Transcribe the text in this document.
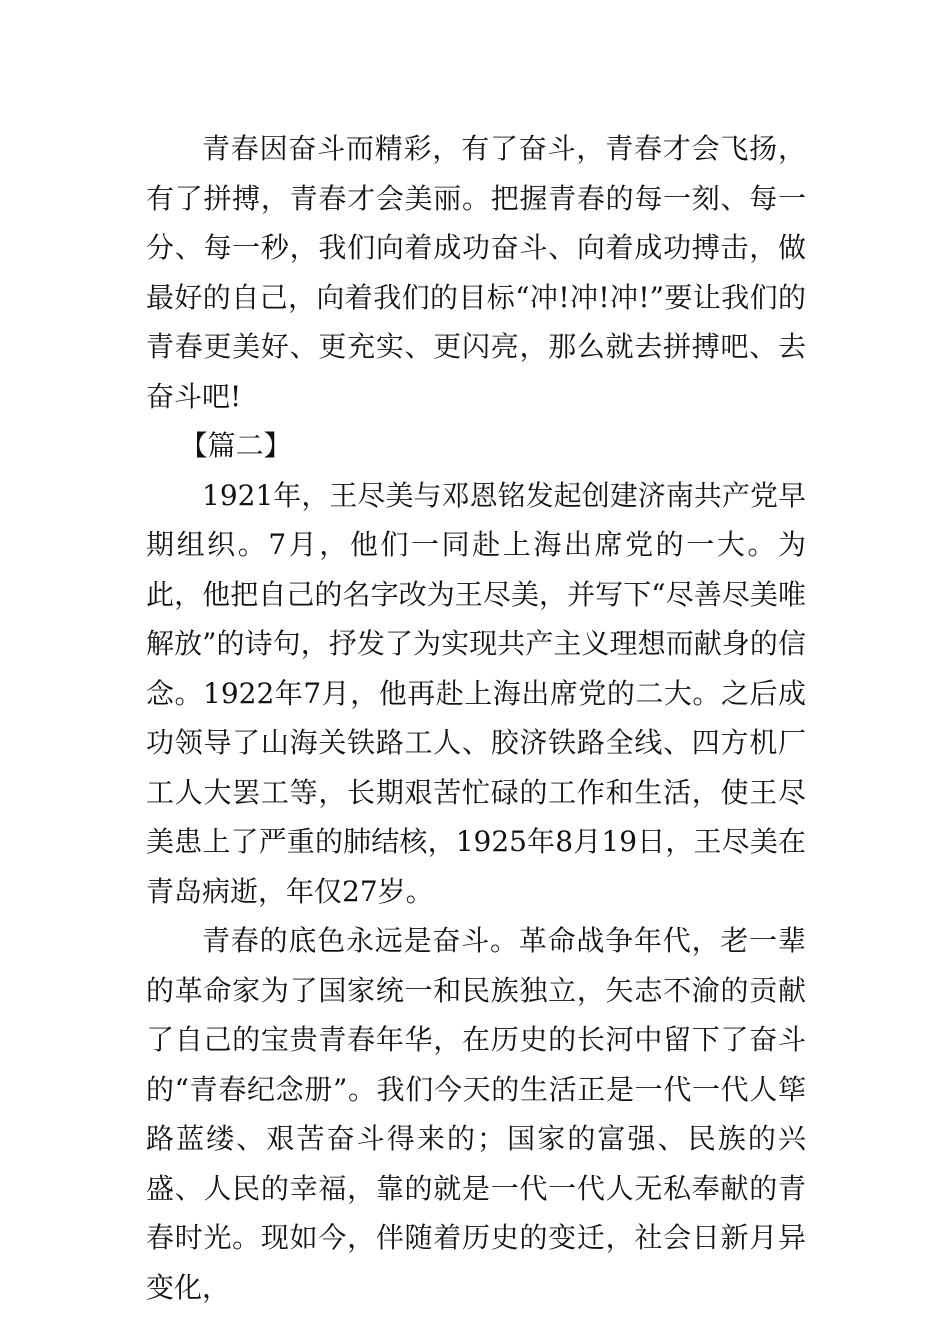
青春因奋斗而精彩，有了奋斗，青春才会飞扬，有了拼搏，青春才会美丽。把握青春的每一刻、每一分、每一秒，我们向着成功奋斗、向着成功搏击，做最好的自己，向着我们的目标“冲!冲!冲!”要让我们的青春更美好、更充实、更闪亮，那么就去拼搏吧、去奋斗吧!

【篇二】

1921年，王尽美与邓恩铭发起创建济南共产党早期组织。7月，他们一同赴上海出席党的一大。为此，他把自己的名字改为王尽美，并写下“尽善尽美唯解放”的诗句，抒发了为实现共产主义理想而献身的信念。1922年7月，他再赴上海出席党的二大。之后成功领导了山海关铁路工人、胶济铁路全线、四方机厂工人大罢工等，长期艰苦忙碌的工作和生活，使王尽美患上了严重的肺结核，1925年8月19日，王尽美在青岛病逝，年仅27岁。

青春的底色永远是奋斗。革命战争年代，老一辈的革命家为了国家统一和民族独立，矢志不渝的贡献了自己的宝贵青春年华，在历史的长河中留下了奋斗的“青春纪念册”。我们今天的生活正是一代一代人筚路蓝缕、艰苦奋斗得来的；国家的富强、民族的兴盛、人民的幸福，靠的就是一代一代人无私奉献的青春时光。现如今，伴随着历史的变迁，社会日新月异变化，
